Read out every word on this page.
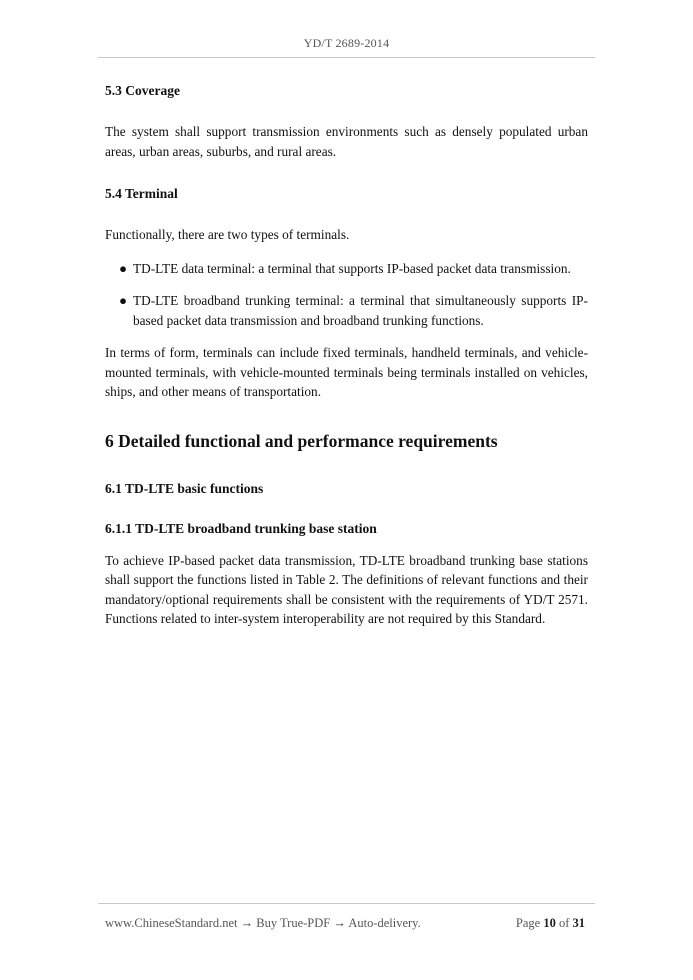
YD/T 2689-2014
5.3 Coverage

The system shall support transmission environments such as densely populated urban areas, urban areas, suburbs, and rural areas.

5.4 Terminal

Functionally, there are two types of terminals.

● TD-LTE data terminal: a terminal that supports IP-based packet data transmission.

● TD-LTE broadband trunking terminal: a terminal that simultaneously supports IP-based packet data transmission and broadband trunking functions.

In terms of form, terminals can include fixed terminals, handheld terminals, and vehicle-mounted terminals, with vehicle-mounted terminals being terminals installed on vehicles, ships, and other means of transportation.

6 Detailed functional and performance requirements
6.1 TD-LTE basic functions
6.1.1 TD-LTE broadband trunking base station

To achieve IP-based packet data transmission, TD-LTE broadband trunking base stations shall support the functions listed in Table 2. The definitions of relevant functions and their mandatory/optional requirements shall be consistent with the requirements of YD/T 2571. Functions related to inter-system interoperability are not required by this Standard.

www.ChineseStandard.net → Buy True-PDF → Auto-delivery.	Page 10 of 31
